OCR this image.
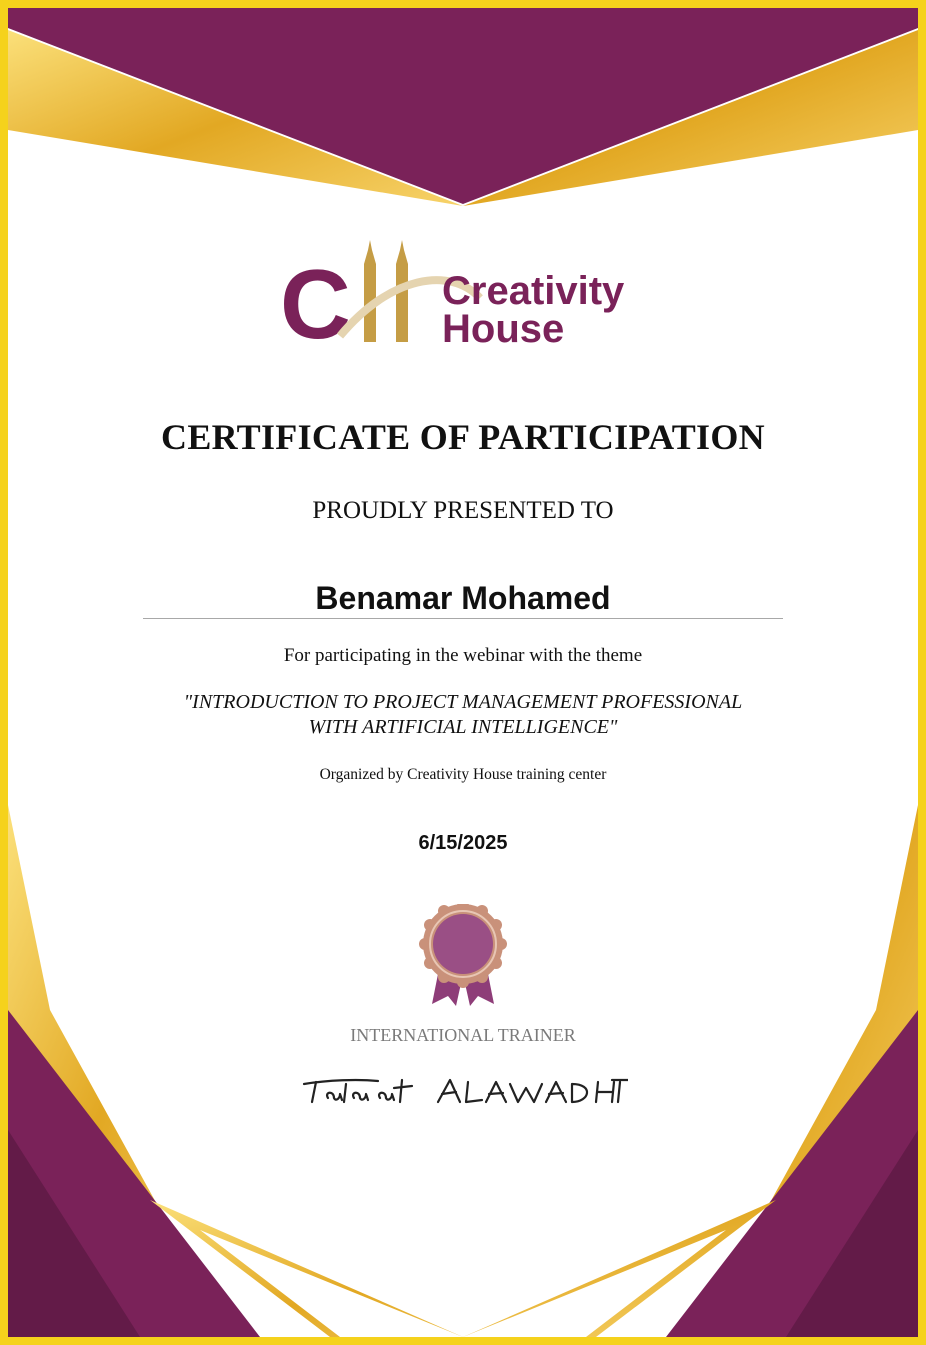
C Creativity
House

CERTIFICATE OF PARTICIPATION

PROUDLY PRESENTED TO

Benamar Mohamed

For participating in the webinar with the theme

"INTRODUCTION TO PROJECT MANAGEMENT PROFESSIONAL

WITH ARTIFICIAL INTELLIGENCE"

Organized by Creativity House training center

6/15/2025

INTERNATIONAL TRAINER
